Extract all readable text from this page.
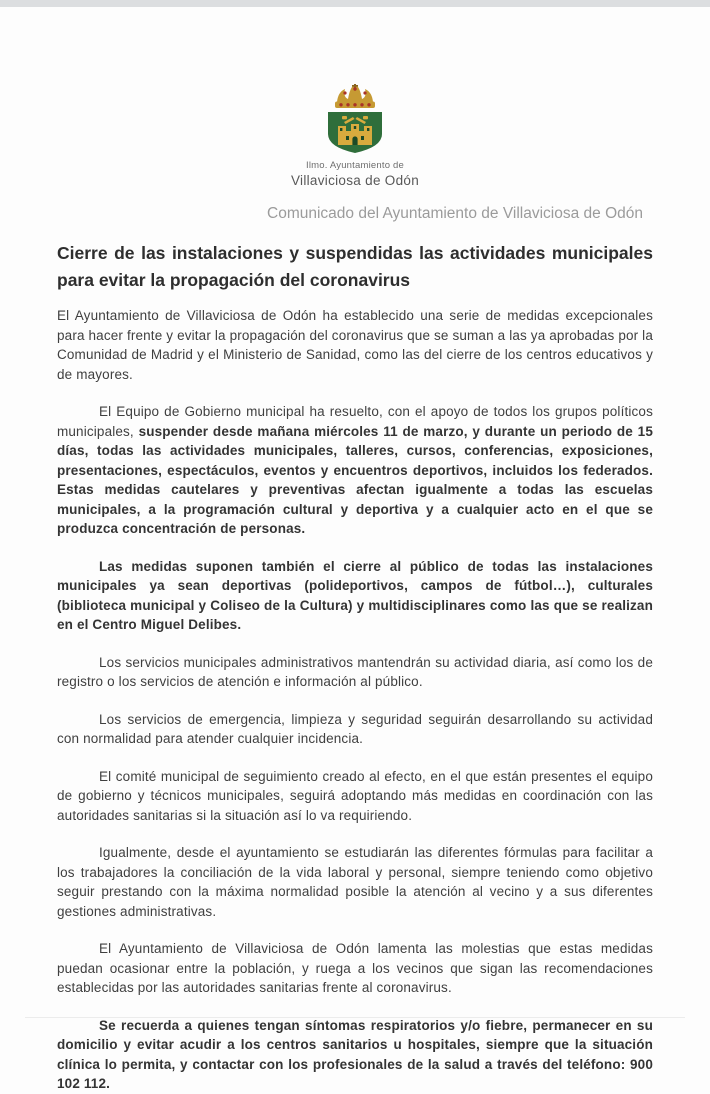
Ilmo. Ayuntamiento de
Villaviciosa de Odón
Comunicado del Ayuntamiento de Villaviciosa de Odón
Cierre de las instalaciones y suspendidas las actividades municipales para evitar la propagación del coronavirus

El Ayuntamiento de Villaviciosa de Odón ha establecido una serie de medidas excepcionales para hacer frente y evitar la propagación del coronavirus que se suman a las ya aprobadas por la Comunidad de Madrid y el Ministerio de Sanidad, como las del cierre de los centros educativos y de mayores.

El Equipo de Gobierno municipal ha resuelto, con el apoyo de todos los grupos políticos municipales, suspender desde mañana miércoles 11 de marzo, y durante un periodo de 15 días, todas las actividades municipales, talleres, cursos, conferencias, exposiciones, presentaciones, espectáculos, eventos y encuentros deportivos, incluidos los federados. Estas medidas cautelares y preventivas afectan igualmente a todas las escuelas municipales, a la programación cultural y deportiva y a cualquier acto en el que se produzca concentración de personas.

Las medidas suponen también el cierre al público de todas las instalaciones municipales ya sean deportivas (polideportivos, campos de fútbol…), culturales (biblioteca municipal y Coliseo de la Cultura) y multidisciplinares como las que se realizan en el Centro Miguel Delibes.

Los servicios municipales administrativos mantendrán su actividad diaria, así como los de registro o los servicios de atención e información al público.

Los servicios de emergencia, limpieza y seguridad seguirán desarrollando su actividad con normalidad para atender cualquier incidencia.

El comité municipal de seguimiento creado al efecto, en el que están presentes el equipo de gobierno y técnicos municipales, seguirá adoptando más medidas en coordinación con las autoridades sanitarias si la situación así lo va requiriendo.

Igualmente, desde el ayuntamiento se estudiarán las diferentes fórmulas para facilitar a los trabajadores la conciliación de la vida laboral y personal, siempre teniendo como objetivo seguir prestando con la máxima normalidad posible la atención al vecino y a sus diferentes gestiones administrativas.

El Ayuntamiento de Villaviciosa de Odón lamenta las molestias que estas medidas puedan ocasionar entre la población, y ruega a los vecinos que sigan las recomendaciones establecidas por las autoridades sanitarias frente al coronavirus.

Se recuerda a quienes tengan síntomas respiratorios y/o fiebre, permanecer en su domicilio y evitar acudir a los centros sanitarios u hospitales, siempre que la situación clínica lo permita, y contactar con los profesionales de la salud a través del teléfono: 900 102 112.
